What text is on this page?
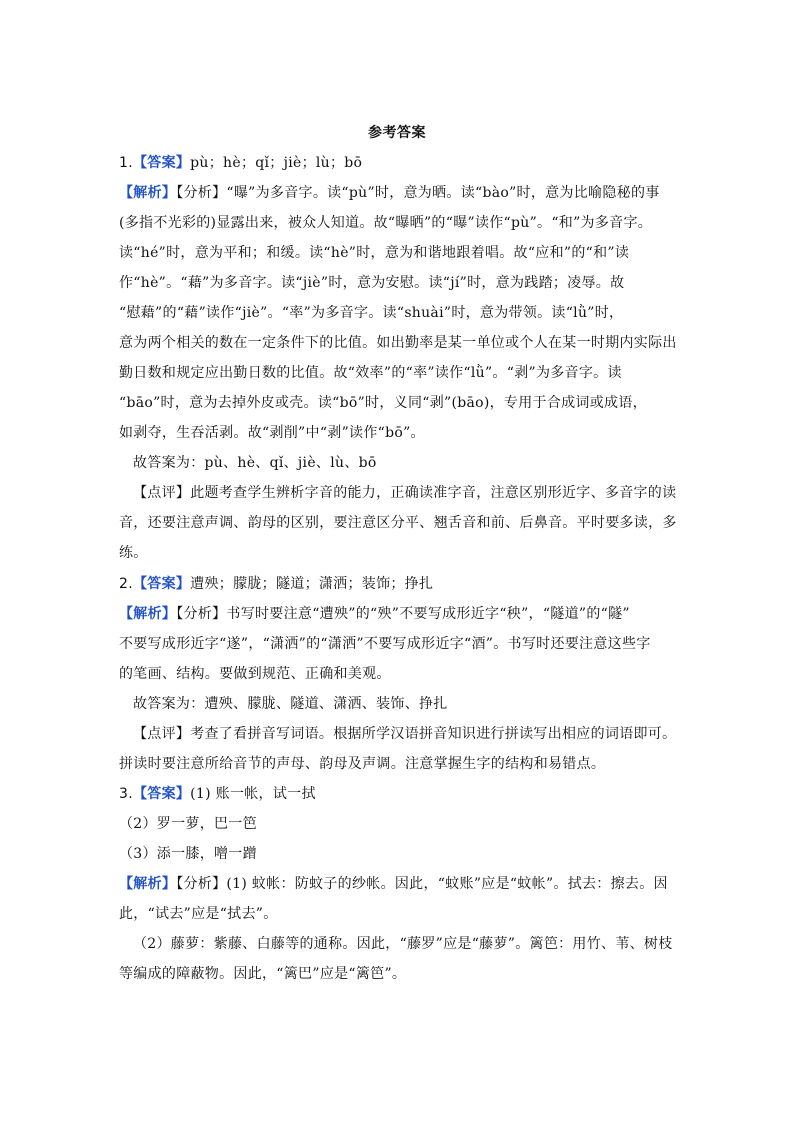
参考答案
1.【答案】pù；hè；qǐ；jiè；lù；bō
【解析】【分析】“曝”为多音字。读“pù”时，意为晒。读“bào”时，意为比喻隐秘的事
(多指不光彩的)显露出来，被众人知道。故“曝晒”的“曝”读作“pù”。“和”为多音字。
读“hé”时，意为平和；和缓。读“hè”时，意为和谐地跟着唱。故“应和”的“和”读
作“hè”。“藉”为多音字。读“jiè”时，意为安慰。读“jí”时，意为践踏；凌辱。故
“慰藉”的“藉”读作“jiè”。“率”为多音字。读“shuài”时，意为带领。读“lǜ”时，
意为两个相关的数在一定条件下的比值。如出勤率是某一单位或个人在某一时期内实际出
勤日数和规定应出勤日数的比值。故“效率”的“率”读作“lǜ”。“剥”为多音字。读
“bāo”时，意为去掉外皮或壳。读“bō”时，义同“剥”(bāo)，专用于合成词或成语，
如剥夺，生吞活剥。故“剥削”中“剥”读作“bō”。
故答案为：pù、hè、qǐ、jiè、lù、bō
【点评】此题考查学生辨析字音的能力，正确读准字音，注意区别形近字、多音字的读
音，还要注意声调、韵母的区别，要注意区分平、翘舌音和前、后鼻音。平时要多读，多
练。
2.【答案】遭殃；朦胧；隧道；潇洒；装饰；挣扎
【解析】【分析】书写时要注意“遭殃”的“殃”不要写成形近字“秧”，“隧道”的“隧”
不要写成形近字“遂”，“潇洒”的“潇洒”不要写成形近字“酒”。书写时还要注意这些字
的笔画、结构。要做到规范、正确和美观。
故答案为：遭殃、朦胧、隧道、潇洒、装饰、挣扎
【点评】考查了看拼音写词语。根据所学汉语拼音知识进行拼读写出相应的词语即可。
拼读时要注意所给音节的声母、韵母及声调。注意掌握生字的结构和易错点。
3.【答案】(1) 账一帐，试一拭
（2）罗一萝，巴一笆
（3）添一膝，噌一蹭
【解析】【分析】(1) 蚊帐：防蚊子的纱帐。因此，“蚊账”应是“蚊帐”。拭去：擦去。因
此，“试去”应是“拭去”。
（2）藤萝：紫藤、白藤等的通称。因此，“藤罗”应是“藤萝”。篱笆：用竹、苇、树枝
等编成的障蔽物。因此，“篱巴”应是“篱笆”。
